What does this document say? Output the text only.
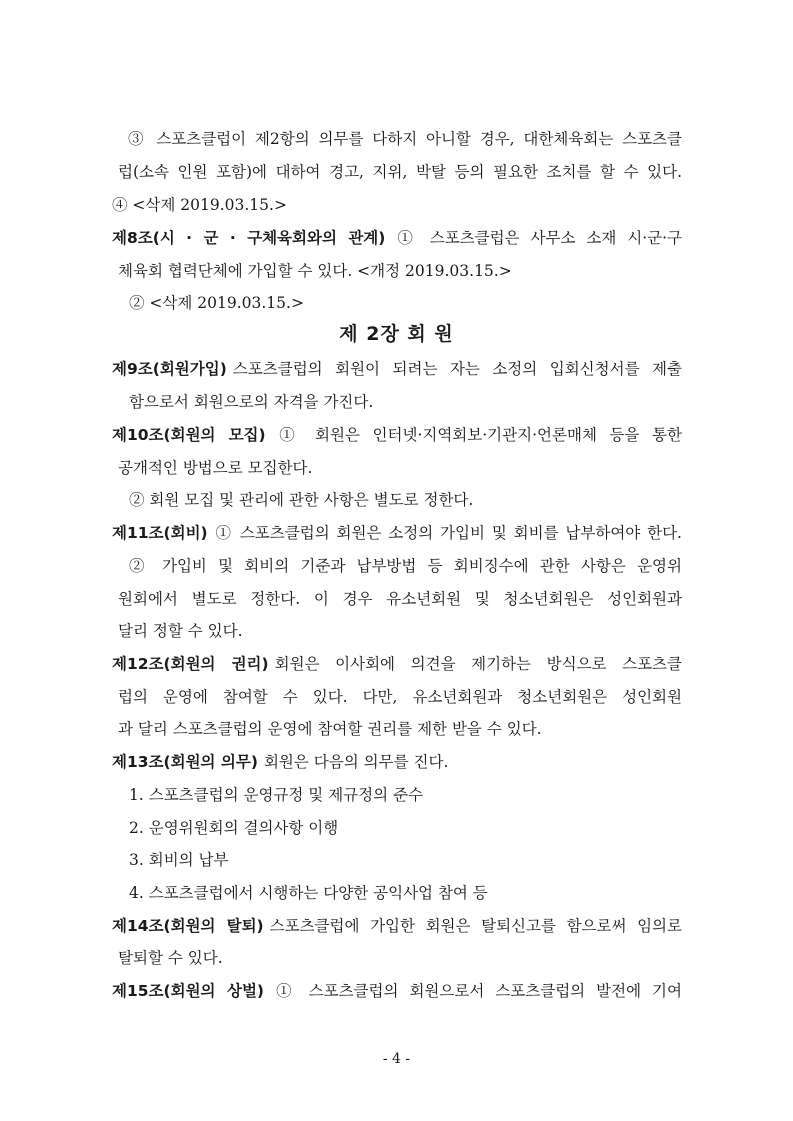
③ 스포츠클럽이 제2항의 의무를 다하지 아니할 경우, 대한체육회는 스포츠클
럽(소속 인원 포함)에 대하여 경고, 지위, 박탈 등의 필요한 조치를 할 수 있다.
④ <삭제 2019.03.15.>
제8조(시 · 군 · 구체육회와의 관계) ① 스포츠클럽은 사무소 소재 시·군·구
체육회 협력단체에 가입할 수 있다. <개정 2019.03.15.>
② <삭제 2019.03.15.>
제 2장 회 원
제9조(회원가입) 스포츠클럽의 회원이 되려는 자는 소정의 입회신청서를 제출
함으로서 회원으로의 자격을 가진다.
제10조(회원의 모집) ① 회원은 인터넷·지역회보·기관지·언론매체 등을 통한
공개적인 방법으로 모집한다.
② 회원 모집 및 관리에 관한 사항은 별도로 정한다.
제11조(회비) ① 스포츠클럽의 회원은 소정의 가입비 및 회비를 납부하여야 한다.
② 가입비 및 회비의 기준과 납부방법 등 회비징수에 관한 사항은 운영위
원회에서 별도로 정한다. 이 경우 유소년회원 및 청소년회원은 성인회원과
달리 정할 수 있다.
제12조(회원의 권리) 회원은 이사회에 의견을 제기하는 방식으로 스포츠클
럽의 운영에 참여할 수 있다. 다만, 유소년회원과 청소년회원은 성인회원
과 달리 스포츠클럽의 운영에 참여할 권리를 제한 받을 수 있다.
제13조(회원의 의무) 회원은 다음의 의무를 진다.
1. 스포츠클럽의 운영규정 및 제규정의 준수
2. 운영위원회의 결의사항 이행
3. 회비의 납부
4. 스포츠클럽에서 시행하는 다양한 공익사업 참여 등
제14조(회원의 탈퇴) 스포츠클럽에 가입한 회원은 탈퇴신고를 함으로써 임의로
탈퇴할 수 있다.
제15조(회원의 상벌) ① 스포츠클럽의 회원으로서 스포츠클럽의 발전에 기여
- 4 -
